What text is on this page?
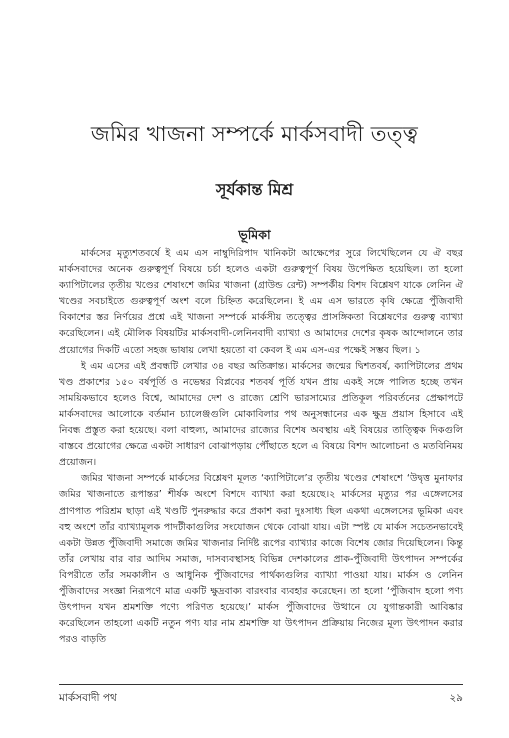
জমির খাজনা সম্পর্কে মার্কসবাদী তত্ত্ব
সূর্যকান্ত মিশ্র
ভূমিকা

মার্কসের মৃত্যুশতবর্ষে ই এম এস নাম্বুদিরিপাদ খানিকটা আক্ষেপের সুরে লিখেছিলেন যে ঐ বছর মার্কসবাদের অনেক গুরুত্বপূর্ণ বিষয়ে চর্চা হলেও একটা গুরুত্বপূর্ণ বিষয় উপেক্ষিত হয়েছিল। তা হলো ক্যাপিটালের তৃতীয় খণ্ডের শেষাংশে জমির খাজনা (গ্রাউন্ড রেন্ট) সম্পর্কীয় বিশদ বিশ্লেষণ যাকে লেনিন ঐ খণ্ডের সবচাইতে গুরুত্বপূর্ণ অংশ বলে চিহ্নিত করেছিলেন। ই এম এস ভারতে কৃষি ক্ষেত্রে পুঁজিবাদী বিকাশের স্তর নির্ণয়ের প্রশ্নে এই খাজনা সম্পর্কে মার্কসীয় তত্ত্বের প্রাসঙ্গিকতা বিশ্লেষণের গুরুত্ব ব্যাখ্যা করেছিলেন। এই মৌলিক বিষয়টির মার্কসবাদী-লেনিনবাদী ব্যাখ্যা ও আমাদের দেশের কৃষক আন্দোলনে তার প্রয়োগের দিকটি এতো সহজ ভাষায় লেখা হয়তো বা কেবল ই এম এস-এর পক্ষেই সম্ভব ছিল। ১

ই এম এসের এই প্রবন্ধটি লেখার ৩৪ বছর অতিক্রান্ত। মার্কসের জন্মের দ্বিশতবর্ষ, ক্যাপিটালের প্রথম খণ্ড প্রকাশের ১৫০ বর্ষপূর্তি ও নভেম্বর বিপ্লবের শতবর্ষ পূর্তি যখন প্রায় একই সঙ্গে পালিত হচ্ছে তখন সাময়িকভাবে হলেও বিশ্বে, আমাদের দেশ ও রাজ্যে শ্রেণি ভারসাম্যের প্রতিকূল পরিবর্তনের প্রেক্ষাপটে মার্কসবাদের আলোকে বর্তমান চ্যালেঞ্জগুলি মোকাবিলার পথ অনুসন্ধানের এক ক্ষুদ্র প্রয়াস হিসাবে এই নিবন্ধ প্রস্তুত করা হয়েছে। বলা বাহুল্য, আমাদের রাজ্যের বিশেষ অবস্থায় এই বিষয়ের তাত্ত্বিক দিকগুলি বাস্তবে প্রয়োগের ক্ষেত্রে একটা সাধারণ বোঝাপড়ায় পৌঁছাতে হলে এ বিষয়ে বিশদ আলোচনা ও মতবিনিময় প্রয়োজন।

জমির খাজনা সম্পর্কে মার্কসের বিশ্লেষণ মূলত ‘ক্যাপিটালে’র তৃতীয় খণ্ডের শেষাংশে ‘উদ্বৃত্ত মুনাফার জমির খাজনাতে রূপান্তর’ শীর্ষক অংশে বিশদে ব্যাখ্যা করা হয়েছে।২ মার্কসের মৃত্যুর পর এঙ্গেলসের প্রাণপাত পরিশ্রম ছাড়া এই খণ্ডটি পুনরুদ্ধার করে প্রকাশ করা দুঃসাধ্য ছিল একথা এঙ্গেলসের ভূমিকা এবং বহু অংশে তাঁর ব্যাখ্যামূলক পাদটীকাগুলির সংযোজন থেকে বোঝা যায়। এটা স্পষ্ট যে মার্কস সচেতনভাবেই একটা উন্নত পুঁজিবাদী সমাজে জমির খাজনার নির্দিষ্ট রূপের ব্যাখ্যার কাজে বিশেষ জোর দিয়েছিলেন। কিন্তু তাঁর লেখায় বার বার আদিম সমাজ, দাসব্যবস্থাসহ বিভিন্ন দেশকালের প্রাক-পুঁজিবাদী উৎপাদন সম্পর্কের বিপরীতে তাঁর সমকালীন ও আধুনিক পুঁজিবাদের পার্থক্যগুলির ব্যাখ্যা পাওয়া যায়। মার্কস ও লেনিন পুঁজিবাদের সংজ্ঞা নিরূপণে মাত্র একটি ক্ষুদ্রবাক্য বারংবার ব্যবহার করেছেন। তা হলো ‘পুঁজিবাদ হলো পণ্য উৎপাদন যখন শ্রমশক্তি পণ্যে পরিণত হয়েছে।’ মার্কস পুঁজিবাদের উত্থানে যে যুগান্তকারী আবিষ্কার করেছিলেন তাহলো একটি নতুন পণ্য যার নাম শ্রমশক্তি যা উৎপাদন প্রক্রিয়ায় নিজের মূল্য উৎপাদন করার পরও বাড়তি

মার্কসবাদী পথ	২৯
